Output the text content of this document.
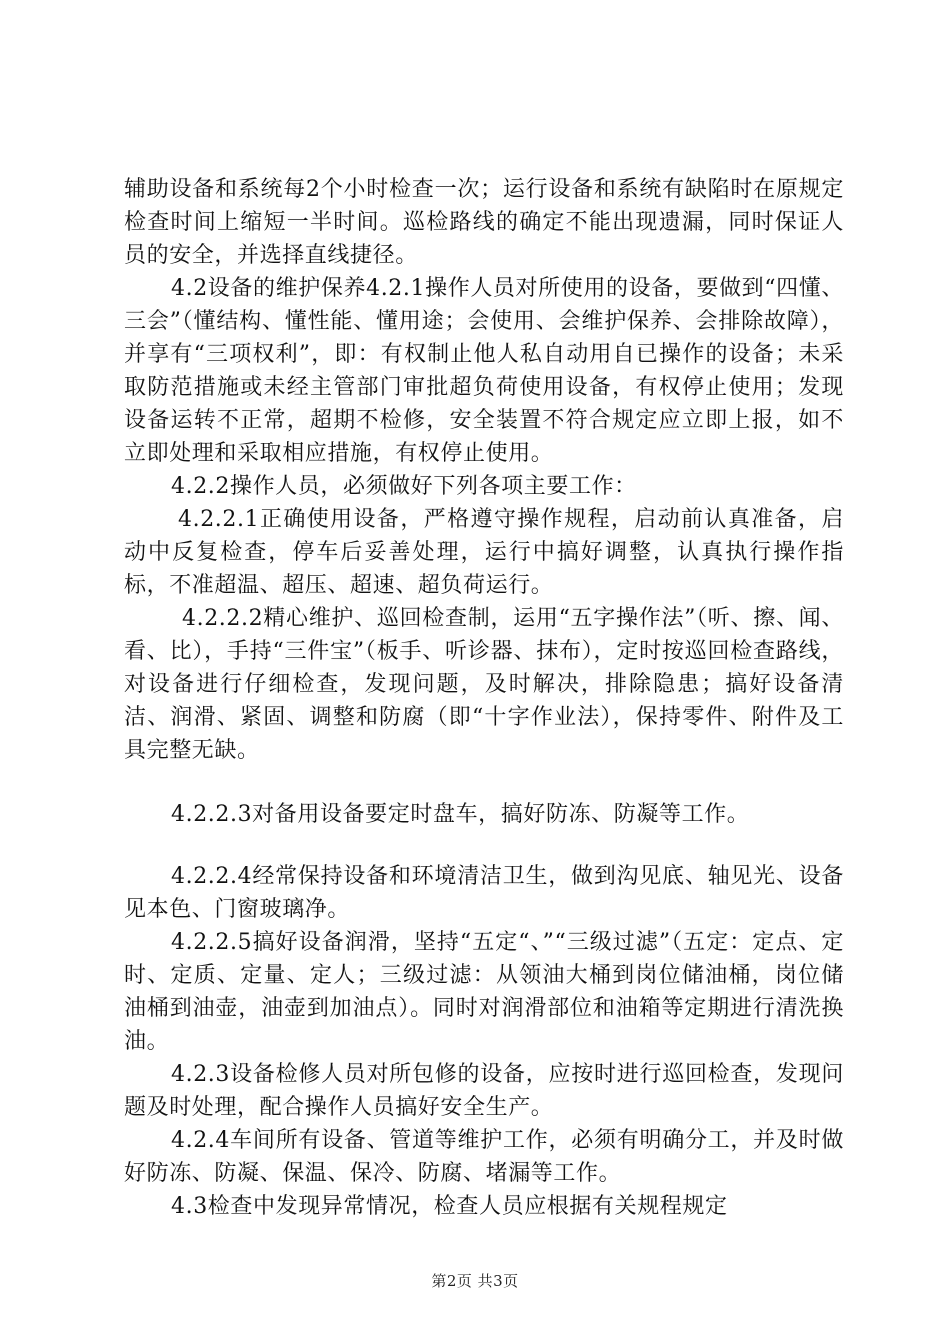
辅助设备和系统每2个小时检查一次；运行设备和系统有缺陷时在原规定检查时间上缩短一半时间。巡检路线的确定不能出现遗漏，同时保证人员的安全，并选择直线捷径。

4.2设备的维护保养4.2.1操作人员对所使用的设备，要做到“四懂、三会”（懂结构、懂性能、懂用途；会使用、会维护保养、会排除故障），并享有“三项权利”，即：有权制止他人私自动用自已操作的设备；未采取防范措施或未经主管部门审批超负荷使用设备，有权停止使用；发现设备运转不正常，超期不检修，安全装置不符合规定应立即上报，如不立即处理和采取相应措施，有权停止使用。

4.2.2操作人员，必须做好下列各项主要工作：

4.2.2.1正确使用设备，严格遵守操作规程，启动前认真准备，启动中反复检查，停车后妥善处理，运行中搞好调整，认真执行操作指标，不准超温、超压、超速、超负荷运行。

4.2.2.2精心维护、巡回检查制，运用“五字操作法”（听、擦、闻、看、比），手持“三件宝”（板手、听诊器、抹布），定时按巡回检查路线，对设备进行仔细检查，发现问题，及时解决，排除隐患；搞好设备清洁、润滑、紧固、调整和防腐（即“十字作业法），保持零件、附件及工具完整无缺。

4.2.2.3对备用设备要定时盘车，搞好防冻、防凝等工作。

4.2.2.4经常保持设备和环境清洁卫生，做到沟见底、轴见光、设备见本色、门窗玻璃净。

4.2.2.5搞好设备润滑，坚持“五定“、”“三级过滤”（五定：定点、定时、定质、定量、定人；三级过滤：从领油大桶到岗位储油桶，岗位储油桶到油壶，油壶到加油点）。同时对润滑部位和油箱等定期进行清洗换油。

4.2.3设备检修人员对所包修的设备，应按时进行巡回检查，发现问题及时处理，配合操作人员搞好安全生产。

4.2.4车间所有设备、管道等维护工作，必须有明确分工，并及时做好防冻、防凝、保温、保冷、防腐、堵漏等工作。

4.3检查中发现异常情况，检查人员应根据有关规程规定

第2页 共3页
